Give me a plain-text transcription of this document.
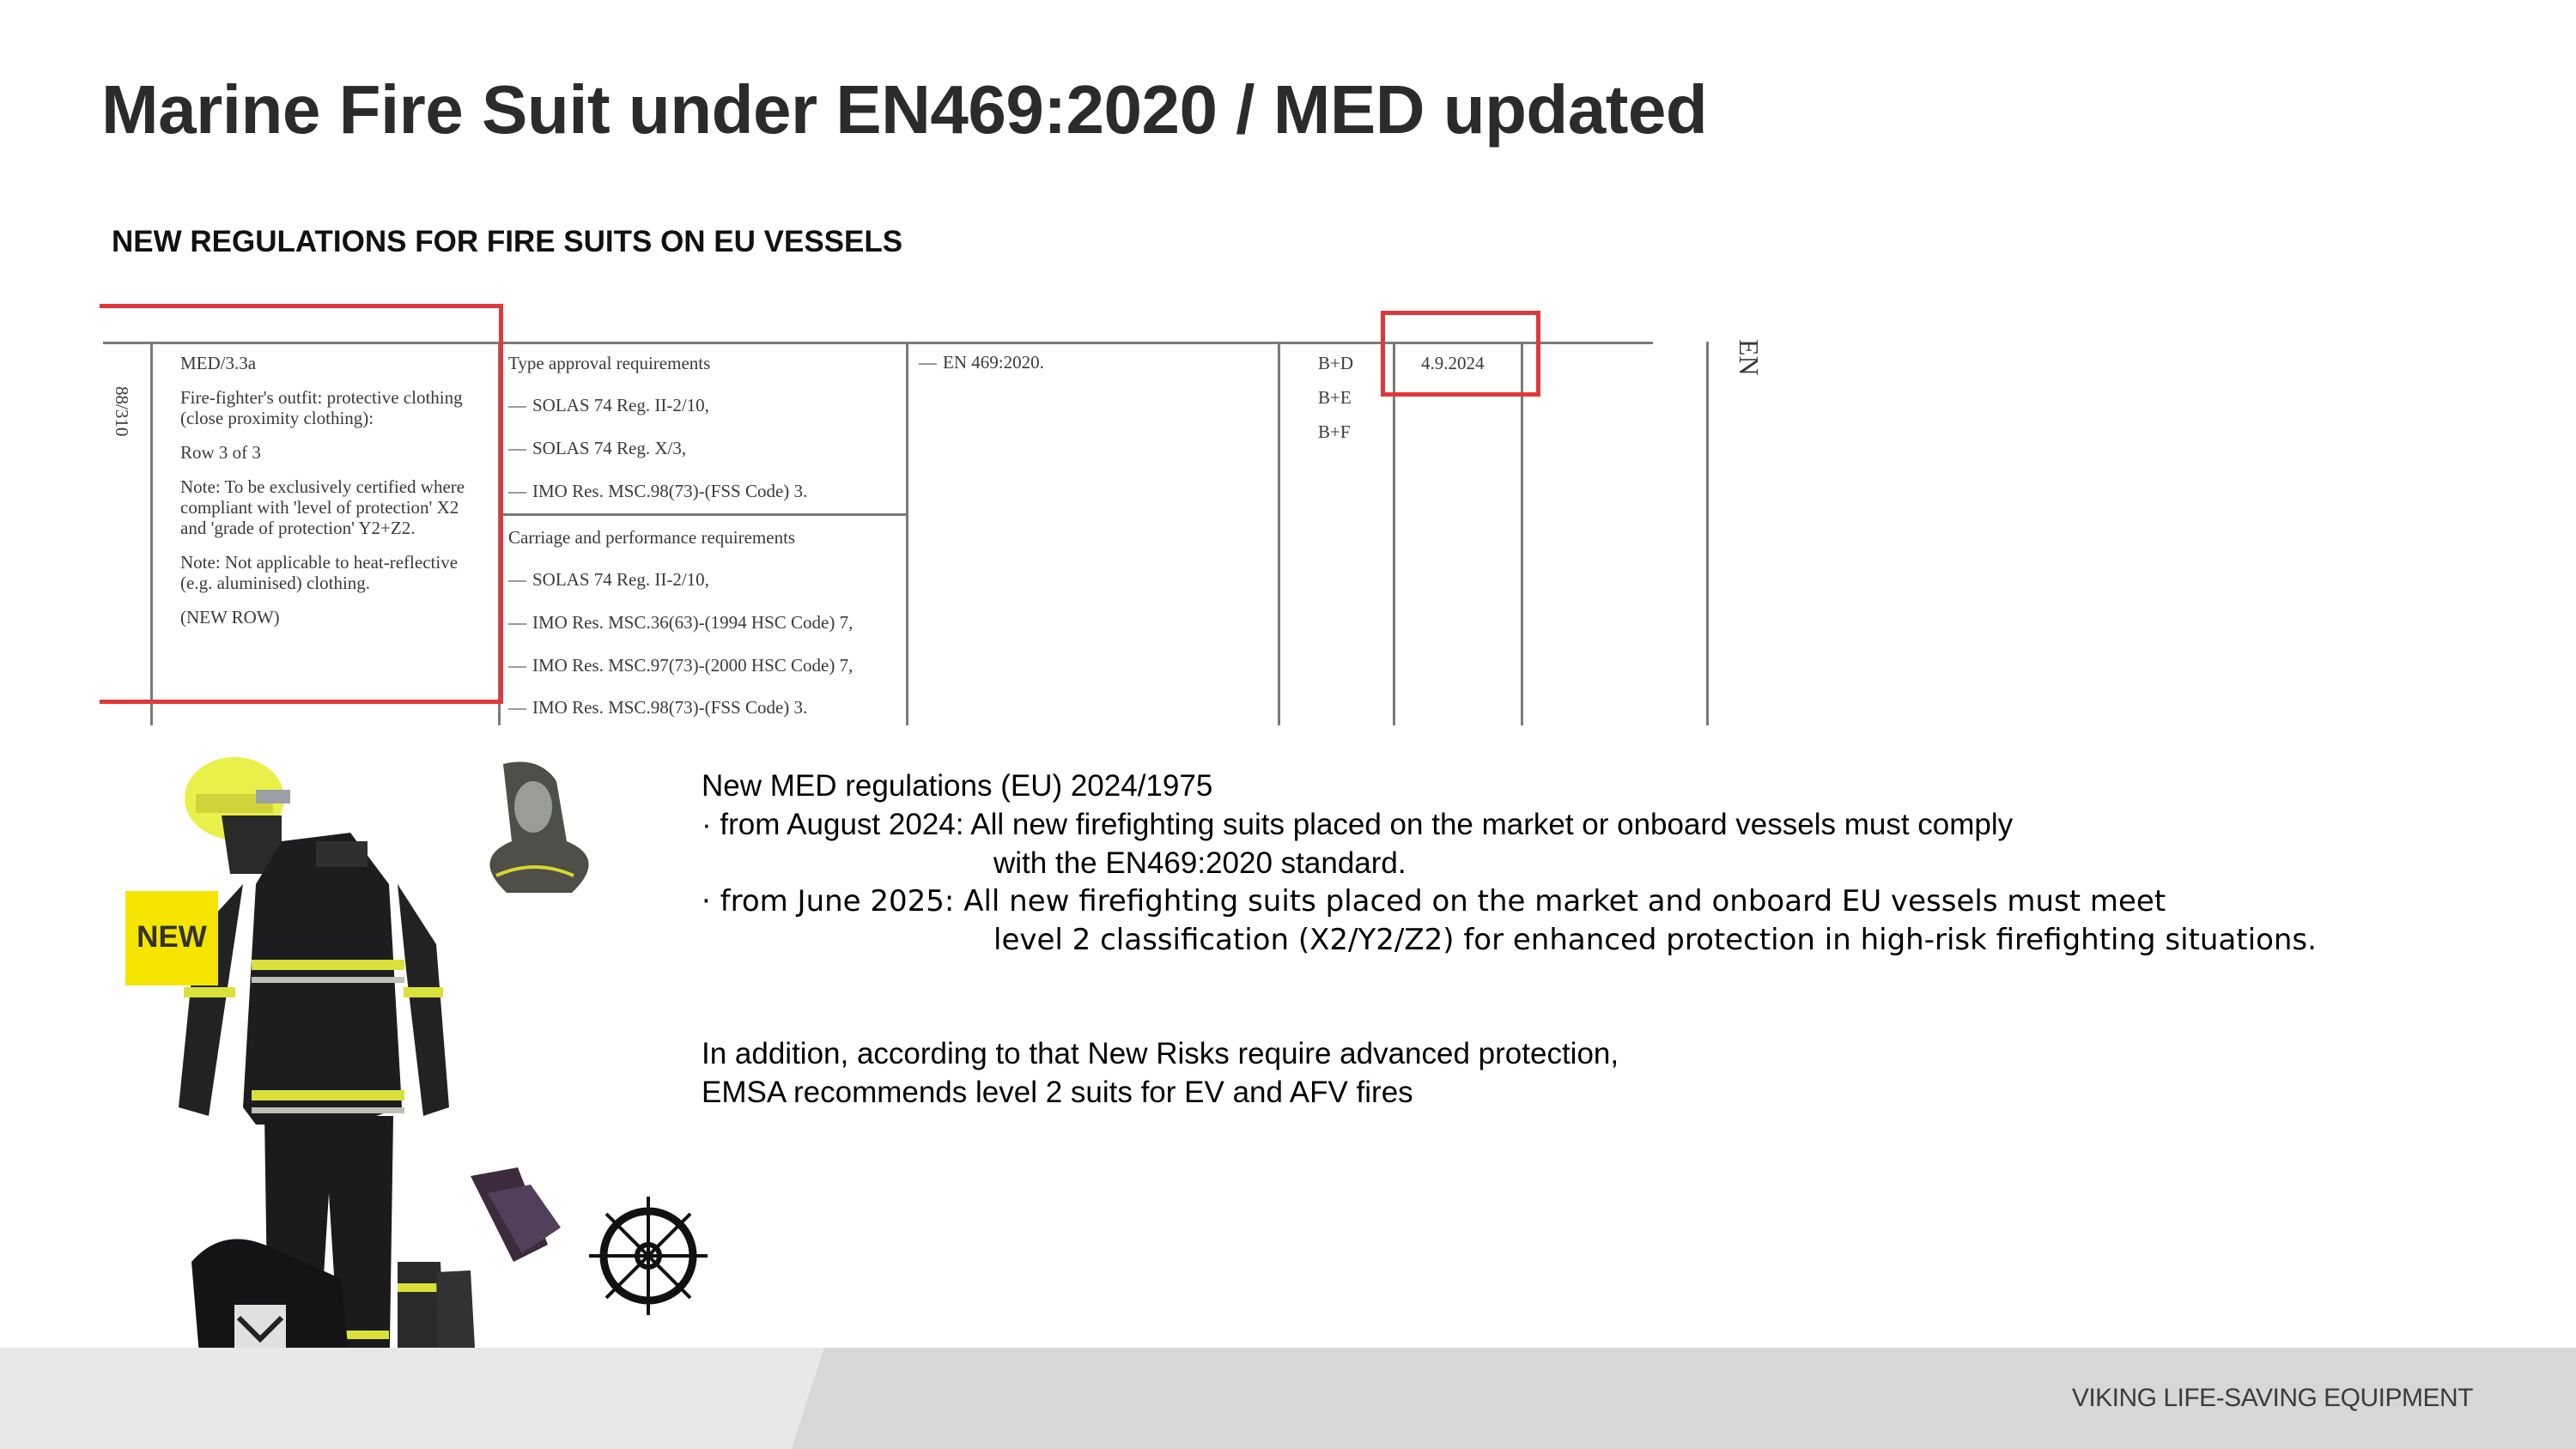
Marine Fire Suit under EN469:2020 / MED updated
NEW REGULATIONS FOR FIRE SUITS ON EU VESSELS
88/310
MED/3.3a
Fire-fighter's outfit: protective clothing
(close proximity clothing):
Row 3 of 3
Note: To be exclusively certified where
compliant with 'level of protection' X2
and 'grade of protection' Y2+Z2.
Note: Not applicable to heat-reflective
(e.g. aluminised) clothing.
(NEW ROW)
Type approval requirements
— SOLAS 74 Reg. II-2/10,
— SOLAS 74 Reg. X/3,
— IMO Res. MSC.98(73)-(FSS Code) 3.
Carriage and performance requirements
— SOLAS 74 Reg. II-2/10,
— IMO Res. MSC.36(63)-(1994 HSC Code) 7,
— IMO Res. MSC.97(73)-(2000 HSC Code) 7,
— IMO Res. MSC.98(73)-(FSS Code) 3.
— EN 469:2020.	B+D
B+E
B+F
4.9.2024	EN
NEW
New MED regulations (EU) 2024/1975
· from August 2024: All new firefighting suits placed on the market or onboard vessels must comply
with the EN469:2020 standard.
· from June 2025: All new firefighting suits placed on the market and onboard EU vessels must meet
level 2 classification (X2/Y2/Z2) for enhanced protection in high-risk firefighting situations.
In addition, according to that New Risks require advanced protection,
EMSA recommends level 2 suits for EV and AFV fires
VIKING LIFE-SAVING EQUIPMENT
